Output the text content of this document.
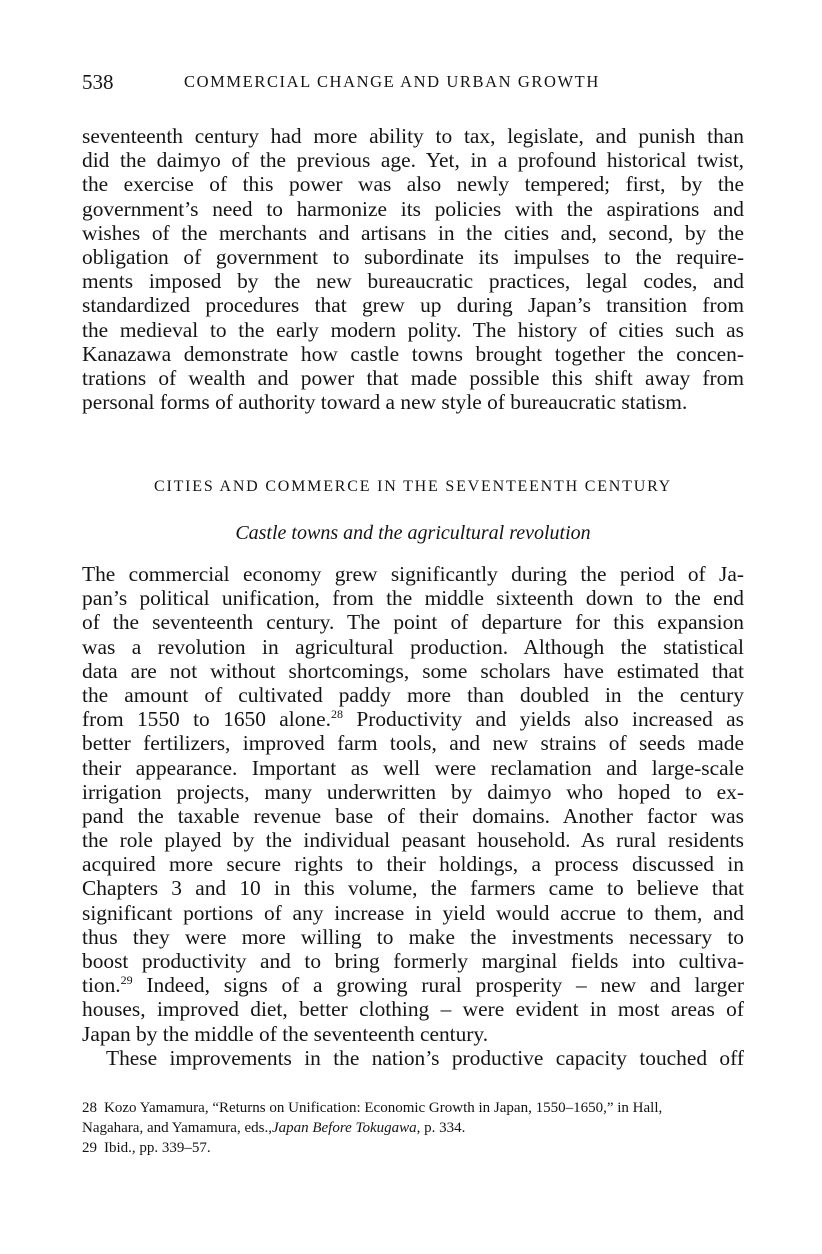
538	COMMERCIAL CHANGE AND URBAN GROWTH
seventeenth century had more ability to tax, legislate, and punish than
did the daimyo of the previous age. Yet, in a profound historical twist,
the exercise of this power was also newly tempered; first, by the
government’s need to harmonize its policies with the aspirations and
wishes of the merchants and artisans in the cities and, second, by the
obligation of government to subordinate its impulses to the require-
ments imposed by the new bureaucratic practices, legal codes, and
standardized procedures that grew up during Japan’s transition from
the medieval to the early modern polity. The history of cities such as
Kanazawa demonstrate how castle towns brought together the concen-
trations of wealth and power that made possible this shift away from
personal forms of authority toward a new style of bureaucratic statism.
CITIES AND COMMERCE IN THE SEVENTEENTH CENTURY
Castle towns and the agricultural revolution
The commercial economy grew significantly during the period of Ja-
pan’s political unification, from the middle sixteenth down to the end
of the seventeenth century. The point of departure for this expansion
was a revolution in agricultural production. Although the statistical
data are not without shortcomings, some scholars have estimated that
the amount of cultivated paddy more than doubled in the century
from 1550 to 1650 alone.$^{28}$ Productivity and yields also increased as
better fertilizers, improved farm tools, and new strains of seeds made
their appearance. Important as well were reclamation and large-scale
irrigation projects, many underwritten by daimyo who hoped to ex-
pand the taxable revenue base of their domains. Another factor was
the role played by the individual peasant household. As rural residents
acquired more secure rights to their holdings, a process discussed in
Chapters 3 and 10 in this volume, the farmers came to believe that
significant portions of any increase in yield would accrue to them, and
thus they were more willing to make the investments necessary to
boost productivity and to bring formerly marginal fields into cultiva-
tion.$^{29}$ Indeed, signs of a growing rural prosperity – new and larger
houses, improved diet, better clothing – were evident in most areas of
Japan by the middle of the seventeenth century.
These improvements in the nation’s productive capacity touched off
28 Kozo Yamamura, “Returns on Unification: Economic Growth in Japan, 1550–1650,” in Hall,
Nagahara, and Yamamura, eds.,Japan Before Tokugawa, p. 334.
29 Ibid., pp. 339–57.
